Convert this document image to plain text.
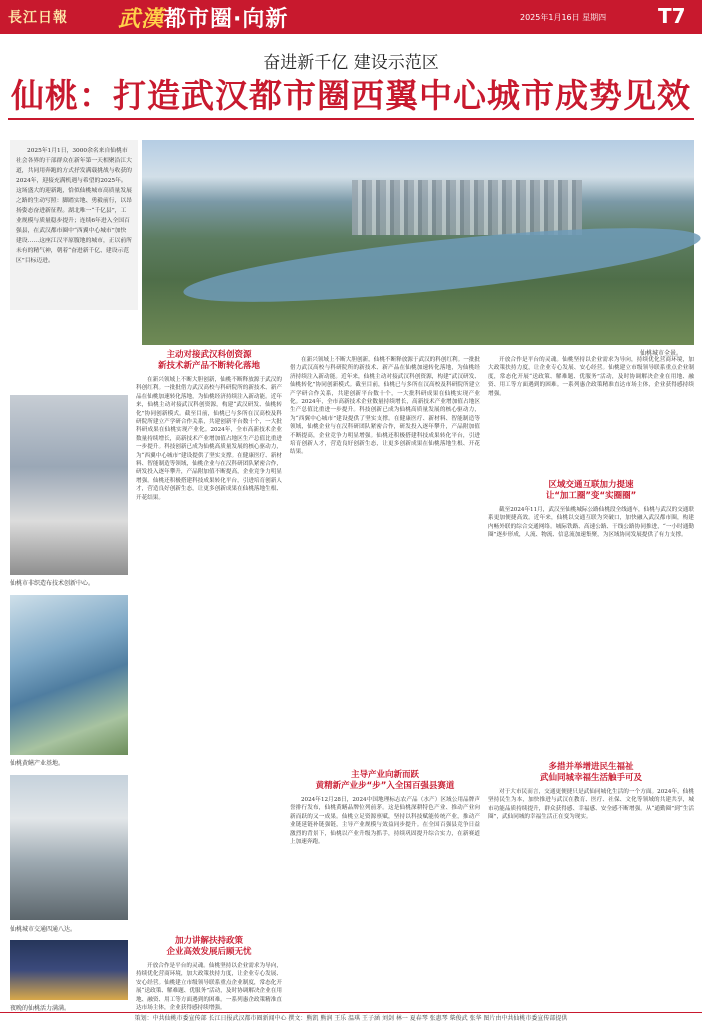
長江日報 武漢都市圈·向新	2025年1月16日 星期四	T7
奋进新千亿 建设示范区
仙桃：打造武汉都市圈西翼中心城市成势见效

2025年1月1日，3000余名来自仙桃市社会各界的干部群众在新年第一天相聚沿江大道，共同用奔跑的方式抒发满载挑战与收获的2024年，迎接充满机遇与希望的2025年。这场盛大的迎新跑，恰似仙桃城市高质量发展之路的生动写照：脚踏实地、勇毅前行，以昂扬姿态奋进新征程。湖北唯一“千亿县”，工业规模与质量稳步提升；连续6年进入全国百强县，在武汉都市圈中“西翼中心城市”加快建设……这座江汉平原腹地的城市，正以前所未有的精气神，朝着“奋进新千亿、建设示范区”目标迈进。

仙桃城市全景。
仙桃市非织造布技术创新中心。
仙桃黄鳝产业基地。
仙桃城市交通四通八达。
夜晚的仙桃活力满满。
主动对接武汉科创资源
新技术新产品不断转化落地

在新兴领域上不断大胆创新，仙桃不断释放源于武汉的科创红利。一批批借力武汉高校与科研院所的新技术、新产品在仙桃加速转化落地，为仙桃经济持续注入新动能。近年来，仙桃主动对接武汉科创资源，构建“武汉研发、仙桃转化”协同创新模式。截至目前，仙桃已与多所在汉高校及科研院所建立产学研合作关系，共建创新平台数十个，一大批科研成果在仙桃实现产业化。2024年，全市高新技术企业数量持续增长，高新技术产业增加值占地区生产总值比重进一步提升。科技创新已成为仙桃高质量发展的核心驱动力，为“西翼中心城市”建设提供了坚实支撑。在健康医疗、新材料、智能制造等领域，仙桃企业与在汉科研团队紧密合作，研发投入逐年攀升，产品附加值不断提高，企业竞争力明显增强。仙桃还积极搭建科技成果转化平台，引进培育创新人才，营造良好创新生态，让更多创新成果在仙桃落地生根、开花结果。

加力讲解扶持政策
企业高效发展后顾无忧

开放合作是平台的灵魂。仙桃坚持以企业需求为导向，持续优化营商环境，加大政策扶持力度，让企业专心发展、安心经营。仙桃建立市级领导联系重点企业制度，常态化开展“送政策、解难题、优服务”活动，及时协调解决企业在用地、融资、用工等方面遇到的困难。一系列惠企政策精准直达市场主体，企业获得感持续增强。

在新兴领域上不断大胆创新，仙桃不断释放源于武汉的科创红利。一批批借力武汉高校与科研院所的新技术、新产品在仙桃加速转化落地，为仙桃经济持续注入新动能。近年来，仙桃主动对接武汉科创资源，构建“武汉研发、仙桃转化”协同创新模式。截至目前，仙桃已与多所在汉高校及科研院所建立产学研合作关系，共建创新平台数十个，一大批科研成果在仙桃实现产业化。2024年，全市高新技术企业数量持续增长，高新技术产业增加值占地区生产总值比重进一步提升。科技创新已成为仙桃高质量发展的核心驱动力，为“西翼中心城市”建设提供了坚实支撑。在健康医疗、新材料、智能制造等领域，仙桃企业与在汉科研团队紧密合作，研发投入逐年攀升，产品附加值不断提高，企业竞争力明显增强。仙桃还积极搭建科技成果转化平台，引进培育创新人才，营造良好创新生态，让更多创新成果在仙桃落地生根、开花结果。

主导产业向新而跃
黄精新产业步“步”入全国百强县赛道

2024年12月28日，2024中国地理标志农产品（水产）区域公用品牌声誉排行发布，仙桃黄鳝品牌位列前茅。这是仙桃深耕特色产业、推动产业向新而跃的又一成果。仙桃立足资源禀赋，坚持以科技赋能传统产业，推动产业链延链补链强链，主导产业规模与效益同步提升。在全国百强县竞争日益激烈的背景下，仙桃以产业升级为抓手，持续巩固提升综合实力，在新赛道上加速奔跑。

开放合作是平台的灵魂。仙桃坚持以企业需求为导向，持续优化营商环境，加大政策扶持力度，让企业专心发展、安心经营。仙桃建立市级领导联系重点企业制度，常态化开展“送政策、解难题、优服务”活动，及时协调解决企业在用地、融资、用工等方面遇到的困难。一系列惠企政策精准直达市场主体，企业获得感持续增强。

区域交通互联加力提速
让“加工圈”变“实圈圈”

截至2024年11月，武汉至仙桃城际公路仙桃段全线通车，仙桃与武汉的交通联系更加便捷高效。近年来，仙桃以交通互联为突破口，加快融入武汉都市圈，构建内畅外联的综合交通网络。城际铁路、高速公路、干线公路协同推进，“一小时通勤圈”逐步形成，人流、物流、信息流加速集聚，为区域协同发展提供了有力支撑。

多措并举增进民生福祉
武仙同城幸福生活触手可及

对于大市民而言，交通更便捷只是武仙同城化生活的一个方面。2024年，仙桃坚持民生为本，加快推进与武汉在教育、医疗、社保、文化等领域的共建共享，城市功能品质持续提升，群众获得感、幸福感、安全感不断增强。从“通勤圈”到“生活圈”，武仙同城的幸福生活正在变为现实。

策划：中共仙桃市委宣传部 长江日报武汉都市圈新闻中心 撰文：熊凯 熊润 王乐 温琪 王子涵 刘剑 林一 夏春琴 张惠琴 柴俊武 张华 图片由中共仙桃市委宣传部提供
